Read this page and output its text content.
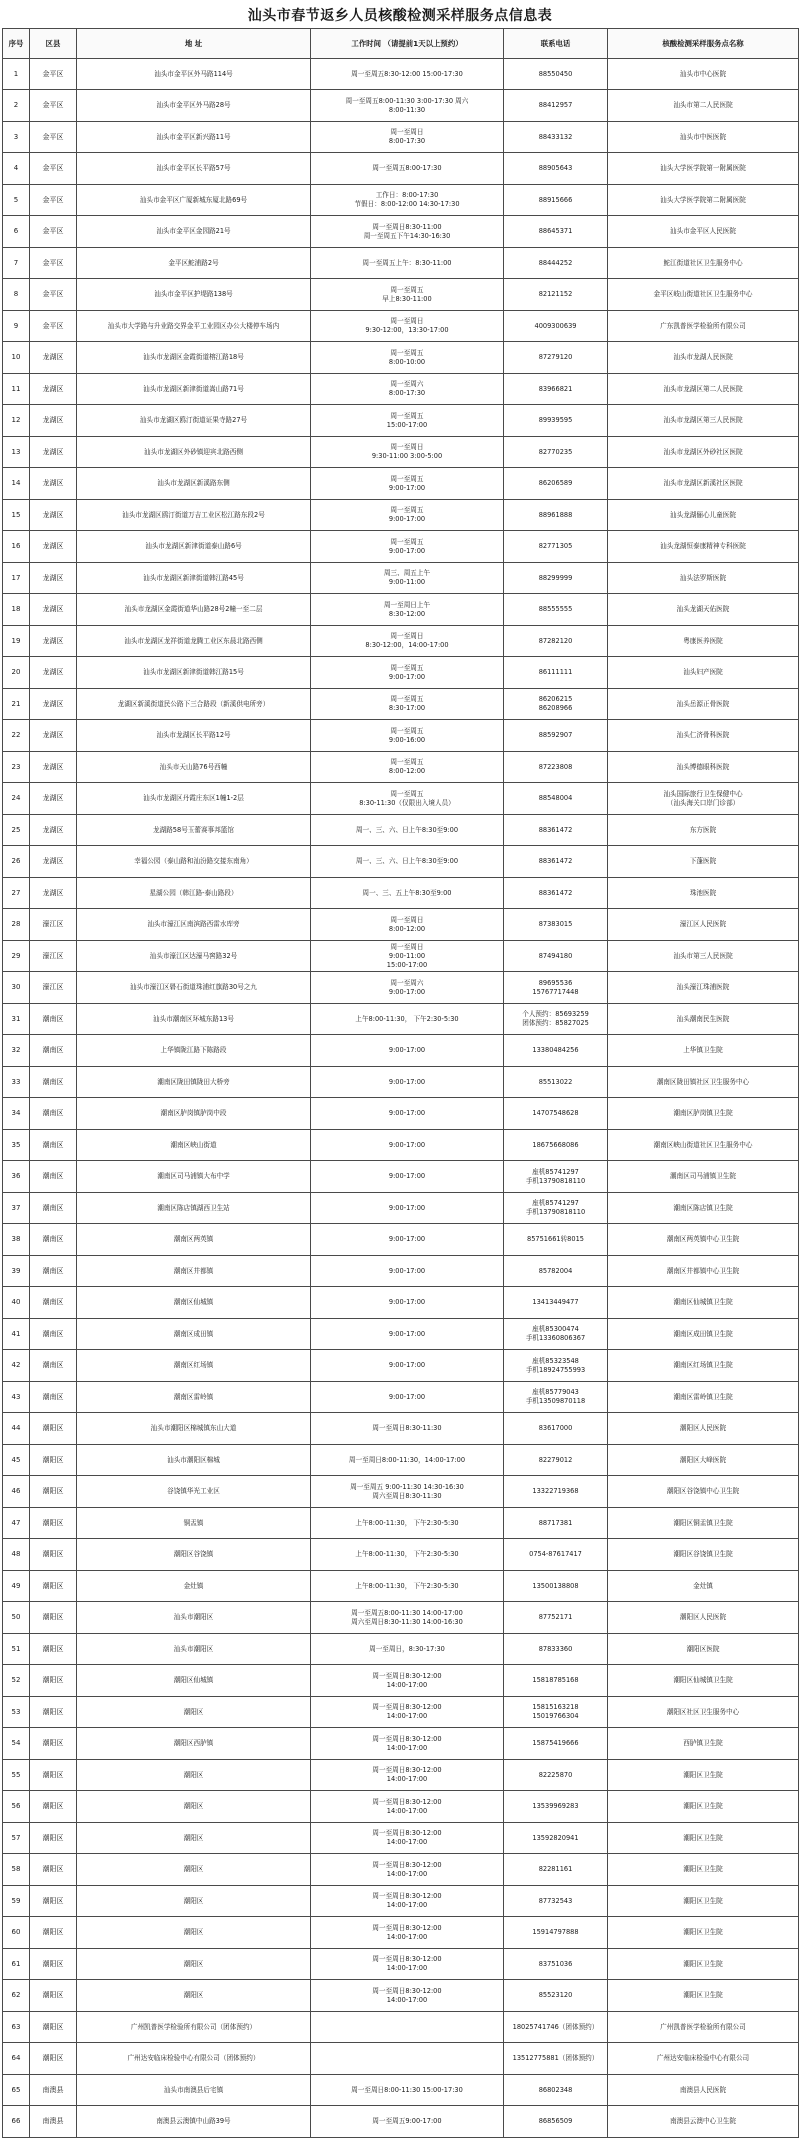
汕头市春节返乡人员核酸检测采样服务点信息表
序号	区县	地 址	工作时间 （请提前1天以上预约）	联系电话	核酸检测采样服务点名称
1	金平区	汕头市金平区外马路114号	周一至周五8:30-12:00 15:00-17:30	88550450	汕头市中心医院

2	金平区	汕头市金平区外马路28号	周一至周五8:00-11:30 3:00-17:30 周六
8:00-11:30	88412957	汕头市第二人民医院

3	金平区	汕头市金平区新兴路11号	周一至周日
8:00-17:30	88433132	汕头市中医医院

4	金平区	汕头市金平区长平路57号	周一至周五8:00-17:30	88905643	汕头大学医学院第一附属医院

5	金平区	汕头市金平区广厦新城东厦北路69号	工作日：8:00-17:30
节假日：8:00-12:00 14:30-17:30	88915666	汕头大学医学院第二附属医院

6	金平区	汕头市金平区金园路21号	周一至周日8:30-11:00
周一至周五下午14:30-16:30	88645371	汕头市金平区人民医院

7	金平区	金平区鮀浦路2号	周一至周五上午：8:30-11:00	88444252	鮀江街道社区卫生服务中心

8	金平区	汕头市金平区护堤路138号	周一至周五
早上8:30-11:00	82121152	金平区岐山街道社区卫生服务中心

9	金平区	汕头市大学路与升业路交界金平工业园区办公大楼停车场内	周一至周日
9:30-12:00，13:30-17:00	4009300639	广东凯普医学检验所有限公司

10	龙湖区	汕头市龙湖区金霞街道榕江路18号	周一至周五
8:00-10:00	87279120	汕头市龙湖人民医院

11	龙湖区	汕头市龙湖区新津街道嵩山路71号	周一至周六
8:00-17:30	83966821	汕头市龙湖区第二人民医院

12	龙湖区	汕头市龙湖区鸥汀街道证果寺路27号	周一至周五
15:00-17:00	89939595	汕头市龙湖区第三人民医院

13	龙湖区	汕头市龙湖区外砂镇迎宾北路西侧	周一至周日
9:30-11:00 3:00-5:00	82770235	汕头市龙湖区外砂社区医院

14	龙湖区	汕头市龙湖区新溪路东侧	周一至周五
9:00-17:00	86206589	汕头市龙湖区新溪社区医院

15	龙湖区	汕头市龙湖区鸥汀街道万吉工业区松江路东段2号	周一至周五
9:00-17:00	88961888	汕头龙湖俪心儿童医院

16	龙湖区	汕头市龙湖区新津街道泰山路6号	周一至周五
9:00-17:00	82771305	汕头龙湖恒泰康精神专科医院

17	龙湖区	汕头市龙湖区新津街道韩江路45号	周三、周五上午
9:00-11:00	88299999	汕头法罗斯医院

18	龙湖区	汕头市龙湖区金霞街道华山路28号2幢一至二层	周一至周日上午
8:30-12:00	88555555	汕头龙湖天佑医院

19	龙湖区	汕头市龙湖区龙祥街道龙腾工业区东晨北路西侧	周一至周日
8:30-12:00，14:00-17:00	87282120	粤康医养医院

20	龙湖区	汕头市龙湖区新津街道韩江路15号	周一至周五
9:00-17:00	86111111	汕头妇产医院

21	龙湖区	龙湖区新溪街道民公路下三合路段（新溪供电所旁）	周一至周五
8:30-17:00	86206215
86208966	汕头岳源正骨医院

22	龙湖区	汕头市龙湖区长平路12号	周一至周五
9:00-16:00	88592907	汕头仁济骨科医院

23	龙湖区	汕头市天山路76号西幢	周一至周五
8:00-12:00	87223808	汕头博德眼科医院

24	龙湖区	汕头市龙湖区丹霞庄东区1幢1-2层	周一至周五
8:30-11:30（仅限出入境人员）	88548004	汕头国际旅行卫生保健中心
（汕头海关口岸门诊部）

25	龙湖区	龙湖路58号玉蕾赛事邦篮馆	周一、三、六、日上午8:30至9:00	88361472	东方医院

26	龙湖区	幸福公园（泰山路和汕汾路交接东南角）	周一、三、六、日上午8:30至9:00	88361472	下蓬医院

27	龙湖区	星湖公园（韩江路-泰山路段）	周一、三、五上午8:30至9:00	88361472	珠池医院

28	濠江区	汕头市濠江区南滨路西雷水库旁	周一至周日
8:00-12:00	87383015	濠江区人民医院

29	濠江区	汕头市濠江区达濠马窖路32号	周一至周日
9:00-11:00
15:00-17:00	87494180	汕头市第三人民医院

30	濠江区	汕头市濠江区礐石街道珠浦红旗路30号之九	周一至周六
9:00-17:00	89695536
15767717448	汕头濠江珠浦医院

31	潮南区	汕头市潮南区环城东路13号	上午8:00-11:30， 下午2:30-5:30	个人预约：85693259
团体预约：85827025	汕头潮南民生医院

32	潮南区	上华镇陇江路下陈路段	9:00-17:00	13380484256	上华镇卫生院

33	潮南区	潮南区陇田镇陇田大桥旁	9:00-17:00	85513022	潮南区陇田镇社区卫生服务中心

34	潮南区	潮南区胪岗镇胪岗中段	9:00-17:00	14707548628	潮南区胪岗镇卫生院

35	潮南区	潮南区峡山街道	9:00-17:00	18675668086	潮南区峡山街道社区卫生服务中心

36	潮南区	潮南区司马浦镇大布中学	9:00-17:00	座机85741297
手机13790818110	潮南区司马浦镇卫生院

37	潮南区	潮南区陈店镇湖西卫生站	9:00-17:00	座机85741297
手机13790818110	潮南区陈店镇卫生院

38	潮南区	潮南区两英镇	9:00-17:00	85751661转8015	潮南区两英镇中心卫生院

39	潮南区	潮南区井都镇	9:00-17:00	85782004	潮南区井都镇中心卫生院

40	潮南区	潮南区仙城镇	9:00-17:00	13413449477	潮南区仙城镇卫生院

41	潮南区	潮南区成田镇	9:00-17:00	座机85300474
手机13360806367	潮南区成田镇卫生院

42	潮南区	潮南区红场镇	9:00-17:00	座机85323548
手机18924755993	潮南区红场镇卫生院

43	潮南区	潮南区雷岭镇	9:00-17:00	座机85779043
手机13509870118	潮南区雷岭镇卫生院

44	潮阳区	汕头市潮阳区棉城镇东山大道	周一至周日8:30-11:30	83617000	潮阳区人民医院

45	潮阳区	汕头市潮阳区棉城	周一至周日8:00-11:30，14:00-17:00	82279012	潮阳区大峰医院

46	潮阳区	谷饶镇华光工业区	周一至周五 9:00-11:30 14:30-16:30
周六至周日8:30-11:30	13322719368	潮阳区谷饶镇中心卫生院

47	潮阳区	铜盂镇	上午8:00-11:30， 下午2:30-5:30	88717381	潮阳区铜盂镇卫生院

48	潮阳区	潮阳区谷饶镇	上午8:00-11:30， 下午2:30-5:30	0754-87617417	潮阳区谷饶镇卫生院

49	潮阳区	金灶镇	上午8:00-11:30， 下午2:30-5:30	13500138808	金灶镇

50	潮阳区	汕头市潮阳区	周一至周五8:00-11:30 14:00-17:00
周六至周日8:30-11:30 14:00-16:30	87752171	潮阳区人民医院

51	潮阳区	汕头市潮阳区	周一至周日，8:30-17:30	87833360	潮阳区医院

52	潮阳区	潮阳区仙城镇	周一至周日8:30-12:00
14:00-17:00	15818785168	潮阳区仙城镇卫生院

53	潮阳区	潮阳区	周一至周日8:30-12:00
14:00-17:00	15815163218
15019766304	潮阳区社区卫生服务中心

54	潮阳区	潮阳区西胪镇	周一至周日8:30-12:00
14:00-17:00	15875419666	西胪镇卫生院

55	潮阳区	潮阳区	周一至周日8:30-12:00
14:00-17:00	82225870	潮阳区卫生院

56	潮阳区	潮阳区	周一至周日8:30-12:00
14:00-17:00	13539969283	潮阳区卫生院

57	潮阳区	潮阳区	周一至周日8:30-12:00
14:00-17:00	13592820941	潮阳区卫生院

58	潮阳区	潮阳区	周一至周日8:30-12:00
14:00-17:00	82281161	潮阳区卫生院

59	潮阳区	潮阳区	周一至周日8:30-12:00
14:00-17:00	87732543	潮阳区卫生院

60	潮阳区	潮阳区	周一至周日8:30-12:00
14:00-17:00	15914797888	潮阳区卫生院

61	潮阳区	潮阳区	周一至周日8:30-12:00
14:00-17:00	83751036	潮阳区卫生院

62	潮阳区	潮阳区	周一至周日8:30-12:00
14:00-17:00	85523120	潮阳区卫生院

63	潮阳区	广州凯普医学检验所有限公司（团体预约）		18025741746（团体预约）	广州凯普医学检验所有限公司

64	潮阳区	广州达安临床检验中心有限公司（团体预约）		13512775881（团体预约）	广州达安临床检验中心有限公司

65	南澳县	汕头市南澳县后宅镇	周一至周日8:00-11:30 15:00-17:30	86802348	南澳县人民医院

66	南澳县	南澳县云澳镇中山路39号	周一至周五9:00-17:00	86856509	南澳县云澳中心卫生院
